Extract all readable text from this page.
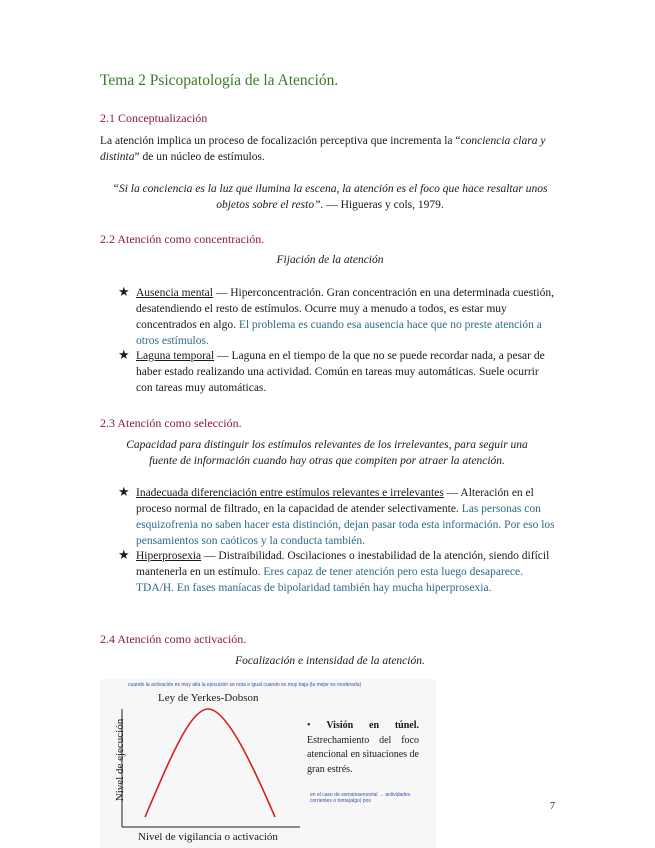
Tema 2 Psicopatología de la Atención.
2.1 Conceptualización
La atención implica un proceso de focalización perceptiva que incrementa la “conciencia clara y distinta” de un núcleo de estímulos.
“Si la conciencia es la luz que ilumina la escena, la atención es el foco que hace resaltar unos objetos sobre el resto”. — Higueras y cols, 1979.
2.2 Atención como concentración.
Fijación de la atención
★ Ausencia mental — Hiperconcentración. Gran concentración en una determinada cuestión, desatendiendo el resto de estímulos. Ocurre muy a menudo a todos, es estar muy concentrados en algo. El problema es cuando esa ausencia hace que no preste atención a otros estímulos.
★ Laguna temporal — Laguna en el tiempo de la que no se puede recordar nada, a pesar de haber estado realizando una actividad. Común en tareas muy automáticas. Suele ocurrir con tareas muy automáticas.
2.3 Atención como selección.
Capacidad para distinguir los estímulos relevantes de los irrelevantes, para seguir una fuente de información cuando hay otras que compiten por atraer la atención.
★ Inadecuada diferenciación entre estímulos relevantes e irrelevantes — Alteración en el proceso normal de filtrado, en la capacidad de atender selectivamente. Las personas con esquizofrenia no saben hacer esta distinción, dejan pasar toda esta información. Por eso los pensamientos son caóticos y la conducta también.
★ Hiperprosexia — Distraibilidad. Oscilaciones o inestabilidad de la atención, siendo difícil mantenerla en un estímulo. Eres capaz de tener atención pero esta luego desaparece. TDA/H. En fases maníacas de bipolaridad también hay mucha hiperprosexia.
2.4 Atención como activación.
Focalización e intensidad de la atención.
cuando la activación es muy alta la ejecución se nota e igual cuando es muy baja (la mejor es moderada)
Ley de Yerkes-Dobson
Nivel de ejecución
Nivel de vigilancia o activación
• Visión en túnel. Estrechamiento del foco atencional en situaciones de gran estrés.
en el caso de somatosensorial → actividades corrientes o tonta(algo) pos	7
